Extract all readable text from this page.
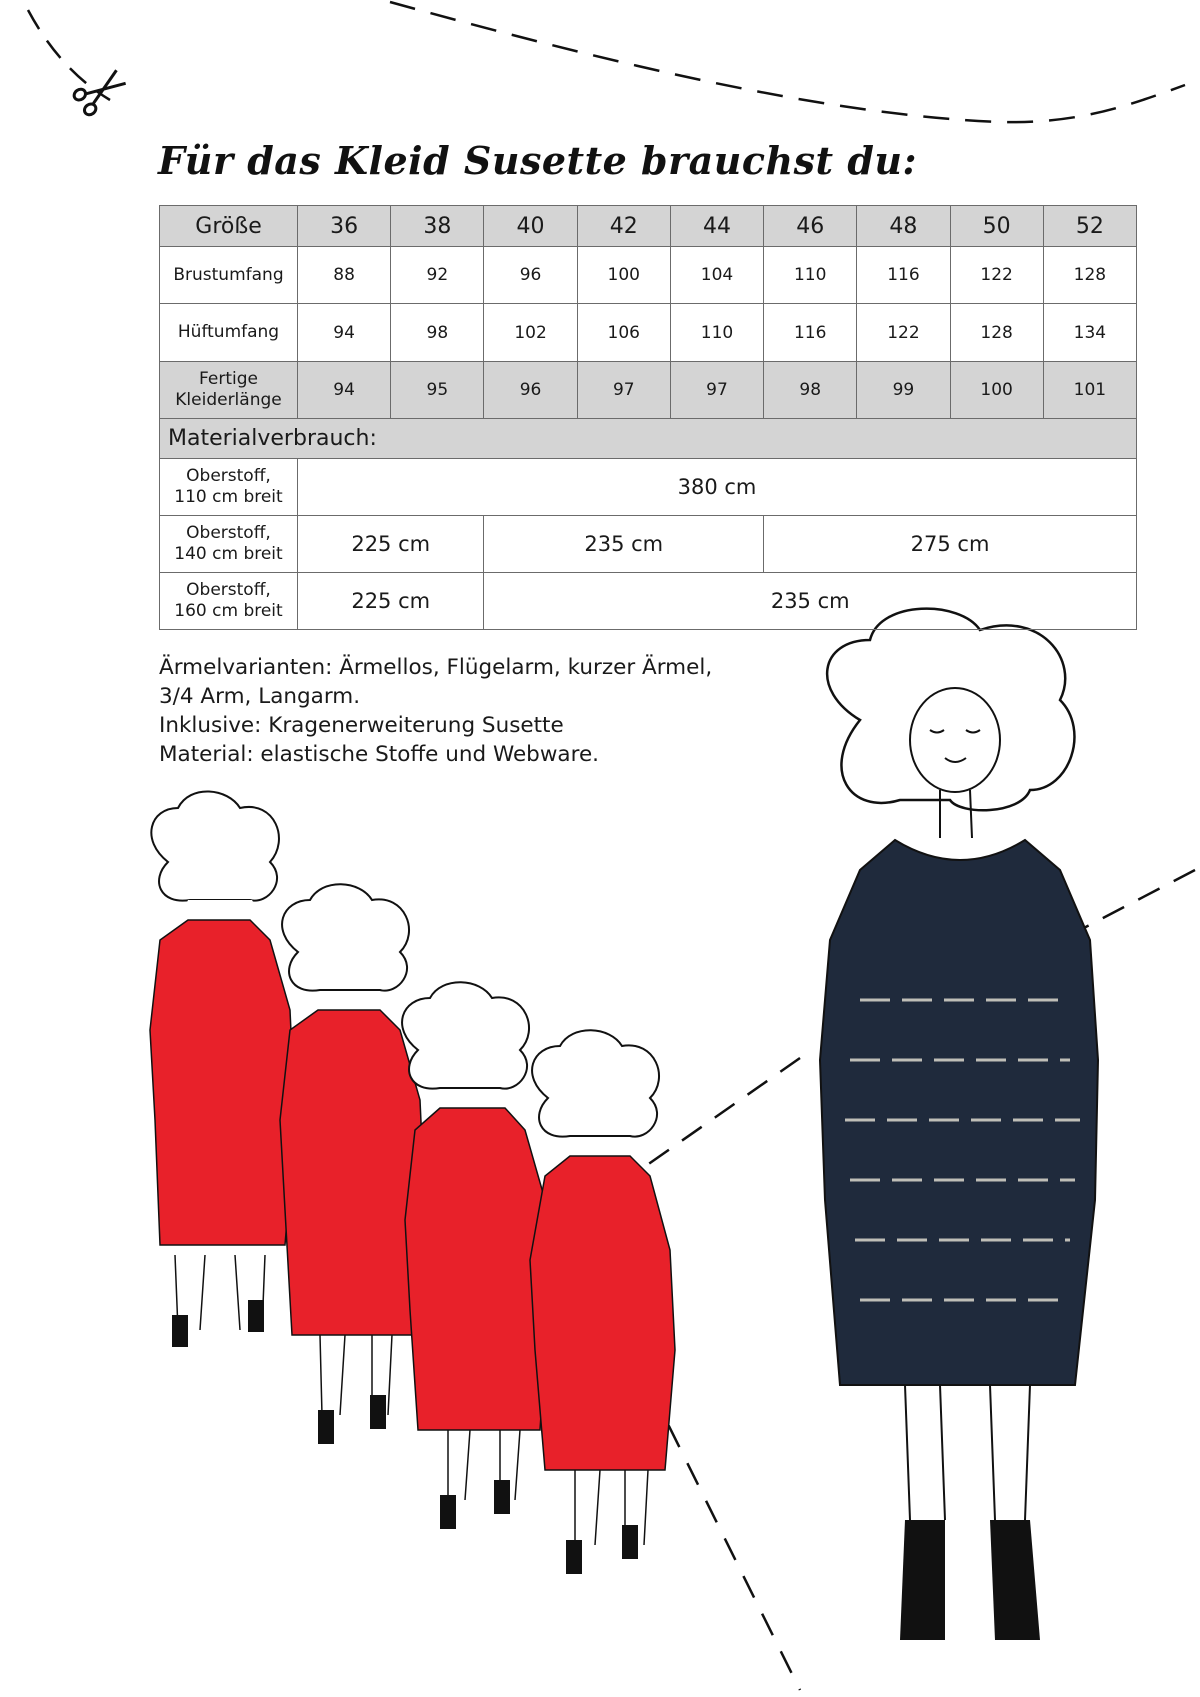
Für das Kleid Susette brauchst du:
Größe	36	38	40	42	44	46	48	50	52
Brustumfang	88	92	96	100	104	110	116	122	128
Hüftumfang	94	98	102	106	110	116	122	128	134
Fertige
Kleiderlänge	94	95	96	97	97	98	99	100	101
Materialverbrauch:									
Oberstoff,
110 cm breit	380 cm								
Oberstoff,
140 cm breit	225 cm		235 cm			275 cm			
Oberstoff,
160 cm breit	225 cm		235 cm						
Ärmelvarianten: Ärmellos, Flügelarm, kurzer Ärmel,
3/4 Arm, Langarm.
Inklusive: Kragenerweiterung Susette
Material: elastische Stoffe und Webware.
